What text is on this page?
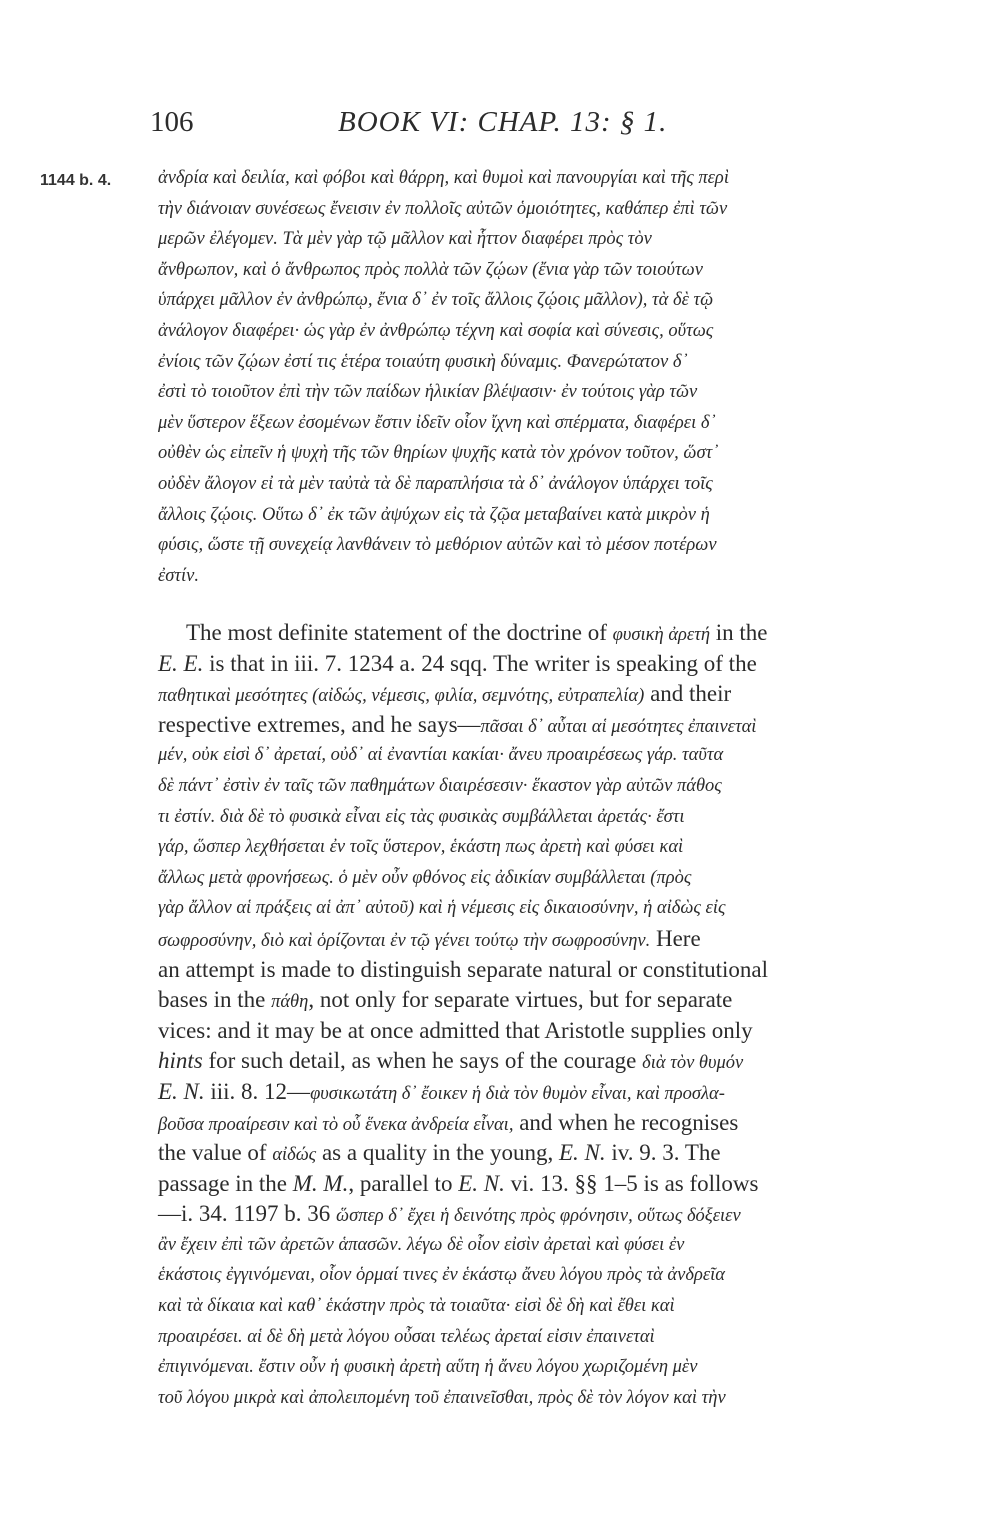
106	BOOK VI: CHAP. 13: § 1.
1144 b. 4.	ἀνδρία καὶ δειλία, καὶ φόβοι καὶ θάρρη, καὶ θυμοὶ καὶ πανουργίαι καὶ τῆς περὶ
τὴν διάνοιαν συνέσεως ἔνεισιν ἐν πολλοῖς αὐτῶν ὁμοιότητες, καθάπερ ἐπὶ τῶν
μερῶν ἐλέγομεν. Τὰ μὲν γὰρ τῷ μᾶλλον καὶ ἧττον διαφέρει πρὸς τὸν
ἄνθρωπον, καὶ ὁ ἄνθρωπος πρὸς πολλὰ τῶν ζῴων (ἔνια γὰρ τῶν τοιούτων
ὑπάρχει μᾶλλον ἐν ἀνθρώπῳ, ἔνια δ᾽ ἐν τοῖς ἄλλοις ζῴοις μᾶλλον), τὰ δὲ τῷ
ἀνάλογον διαφέρει· ὡς γὰρ ἐν ἀνθρώπῳ τέχνη καὶ σοφία καὶ σύνεσις, οὕτως
ἐνίοις τῶν ζῴων ἐστί τις ἑτέρα τοιαύτη φυσικὴ δύναμις. Φανερώτατον δ᾽
ἐστὶ τὸ τοιοῦτον ἐπὶ τὴν τῶν παίδων ἡλικίαν βλέψασιν· ἐν τούτοις γὰρ τῶν
μὲν ὕστερον ἕξεων ἐσομένων ἔστιν ἰδεῖν οἷον ἴχνη καὶ σπέρματα, διαφέρει δ᾽
οὐθὲν ὡς εἰπεῖν ἡ ψυχὴ τῆς τῶν θηρίων ψυχῆς κατὰ τὸν χρόνον τοῦτον, ὥστ᾽
οὐδὲν ἄλογον εἰ τὰ μὲν ταὐτὰ τὰ δὲ παραπλήσια τὰ δ᾽ ἀνάλογον ὑπάρχει τοῖς
ἄλλοις ζῴοις. Οὕτω δ᾽ ἐκ τῶν ἀψύχων εἰς τὰ ζῷα μεταβαίνει κατὰ μικρὸν ἡ
φύσις, ὥστε τῇ συνεχείᾳ λανθάνειν τὸ μεθόριον αὐτῶν καὶ τὸ μέσον ποτέρων
ἐστίν.
The most definite statement of the doctrine of φυσικὴ ἀρετή in the
E. E. is that in iii. 7. 1234 a. 24 sqq. The writer is speaking of the
παθητικαὶ μεσότητες (αἰδώς, νέμεσις, φιλία, σεμνότης, εὐτραπελία) and their
respective extremes, and he says—πᾶσαι δ᾽ αὗται αἱ μεσότητες ἐπαινεταὶ
μέν, οὐκ εἰσὶ δ᾽ ἀρεταί, οὐδ᾽ αἱ ἐναντίαι κακίαι· ἄνευ προαιρέσεως γάρ. ταῦτα
δὲ πάντ᾽ ἐστὶν ἐν ταῖς τῶν παθημάτων διαιρέσεσιν· ἕκαστον γὰρ αὐτῶν πάθος
τι ἐστίν. διὰ δὲ τὸ φυσικὰ εἶναι εἰς τὰς φυσικὰς συμβάλλεται ἀρετάς· ἔστι
γάρ, ὥσπερ λεχθήσεται ἐν τοῖς ὕστερον, ἑκάστη πως ἀρετὴ καὶ φύσει καὶ
ἄλλως μετὰ φρονήσεως. ὁ μὲν οὖν φθόνος εἰς ἀδικίαν συμβάλλεται (πρὸς
γὰρ ἄλλον αἱ πράξεις αἱ ἀπ᾽ αὐτοῦ) καὶ ἡ νέμεσις εἰς δικαιοσύνην, ἡ αἰδὼς εἰς
σωφροσύνην, διὸ καὶ ὁρίζονται ἐν τῷ γένει τούτῳ τὴν σωφροσύνην. Here
an attempt is made to distinguish separate natural or constitutional
bases in the πάθη, not only for separate virtues, but for separate
vices: and it may be at once admitted that Aristotle supplies only
hints for such detail, as when he says of the courage διὰ τὸν θυμόν
E. N. iii. 8. 12—φυσικωτάτη δ᾽ ἔοικεν ἡ διὰ τὸν θυμὸν εἶναι, καὶ προσλα-
βοῦσα προαίρεσιν καὶ τὸ οὗ ἕνεκα ἀνδρεία εἶναι, and when he recognises
the value of αἰδώς as a quality in the young, E. N. iv. 9. 3. The
passage in the M. M., parallel to E. N. vi. 13. §§ 1–5 is as follows
—i. 34. 1197 b. 36 ὥσπερ δ᾽ ἔχει ἡ δεινότης πρὸς φρόνησιν, οὕτως δόξειεν
ἂν ἔχειν ἐπὶ τῶν ἀρετῶν ἁπασῶν. λέγω δὲ οἷον εἰσὶν ἀρεταὶ καὶ φύσει ἐν
ἑκάστοις ἐγγινόμεναι, οἷον ὁρμαί τινες ἐν ἑκάστῳ ἄνευ λόγου πρὸς τὰ ἀνδρεῖα
καὶ τὰ δίκαια καὶ καθ᾽ ἑκάστην πρὸς τὰ τοιαῦτα· εἰσὶ δὲ δὴ καὶ ἔθει καὶ
προαιρέσει. αἱ δὲ δὴ μετὰ λόγου οὖσαι τελέως ἀρεταί εἰσιν ἐπαινεταὶ
ἐπιγινόμεναι. ἔστιν οὖν ἡ φυσικὴ ἀρετὴ αὕτη ἡ ἄνευ λόγου χωριζομένη μὲν
τοῦ λόγου μικρὰ καὶ ἀπολειπομένη τοῦ ἐπαινεῖσθαι, πρὸς δὲ τὸν λόγον καὶ τὴν
